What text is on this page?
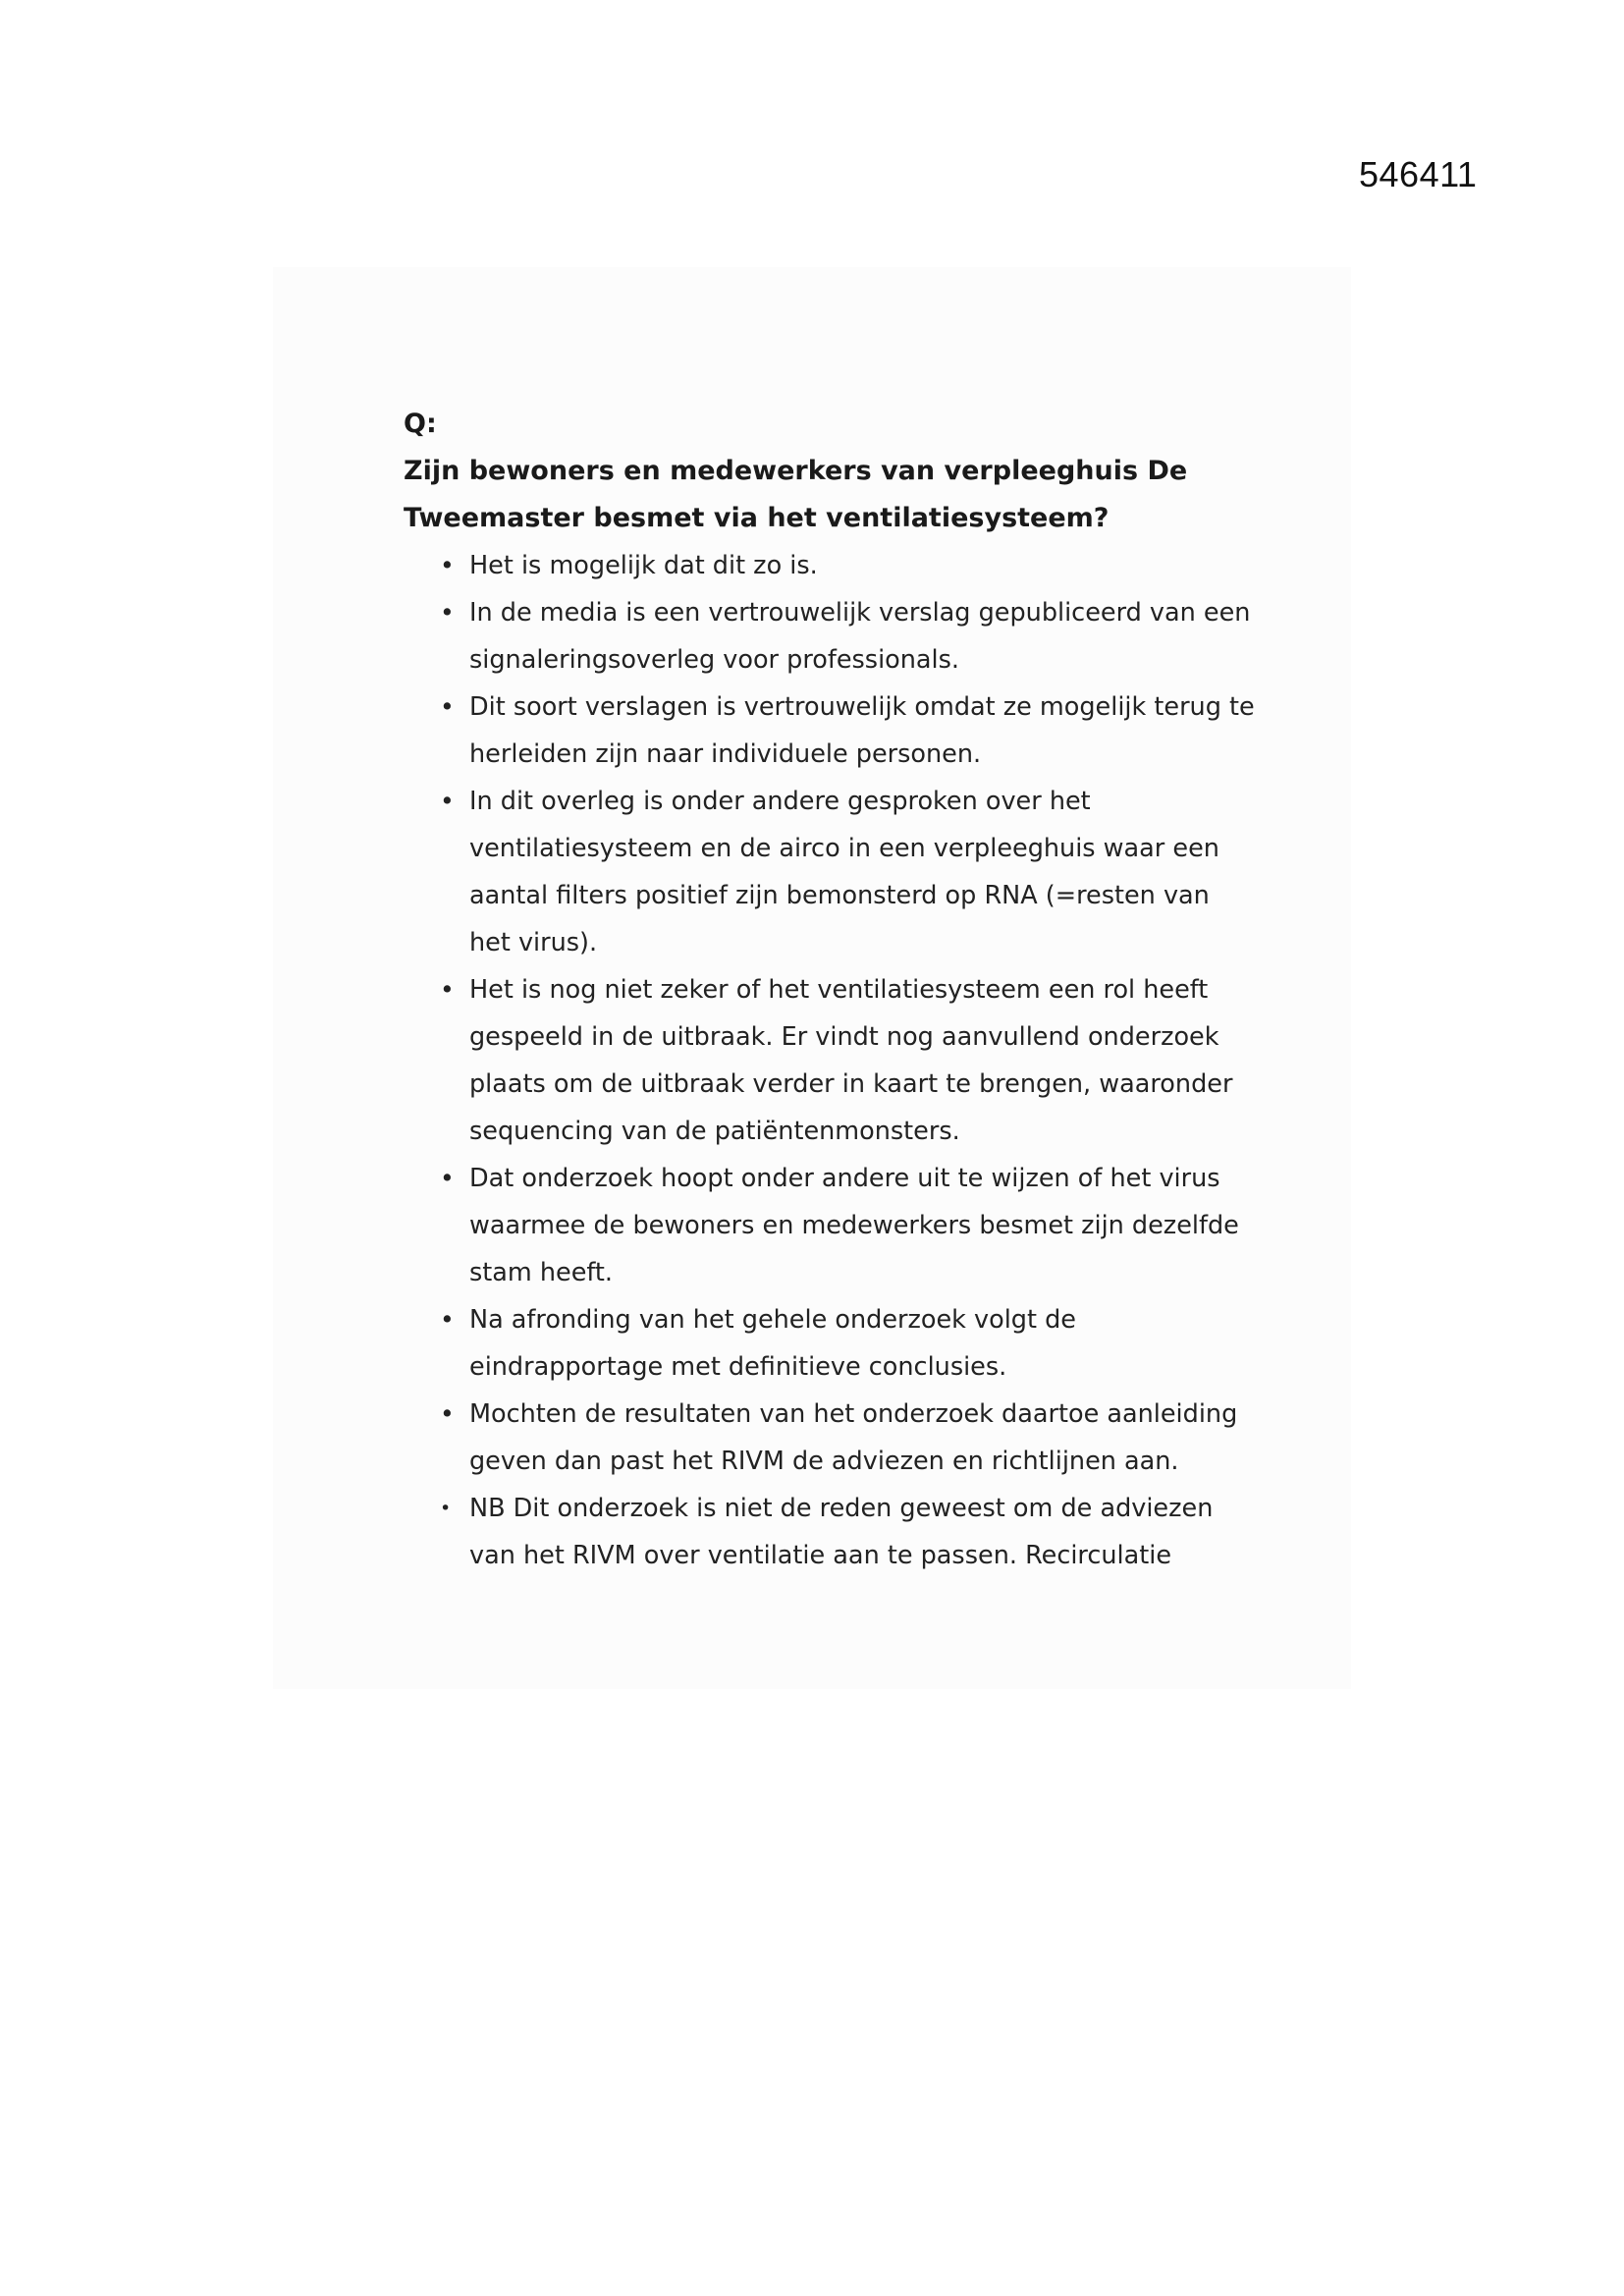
546411

Q:

Zijn bewoners en medewerkers van verpleeghuis De Tweemaster besmet via het ventilatiesysteem?

• Het is mogelijk dat dit zo is.
• In de media is een vertrouwelijk verslag gepubliceerd van een signaleringsoverleg voor professionals.
• Dit soort verslagen is vertrouwelijk omdat ze mogelijk terug te herleiden zijn naar individuele personen.
• In dit overleg is onder andere gesproken over het ventilatiesysteem en de airco in een verpleeghuis waar een aantal filters positief zijn bemonsterd op RNA (=resten van het virus).
• Het is nog niet zeker of het ventilatiesysteem een rol heeft gespeeld in de uitbraak. Er vindt nog aanvullend onderzoek plaats om de uitbraak verder in kaart te brengen, waaronder sequencing van de patiëntenmonsters.
• Dat onderzoek hoopt onder andere uit te wijzen of het virus waarmee de bewoners en medewerkers besmet zijn dezelfde stam heeft.
• Na afronding van het gehele onderzoek volgt de eindrapportage met definitieve conclusies.
• Mochten de resultaten van het onderzoek daartoe aanleiding geven dan past het RIVM de adviezen en richtlijnen aan.
• NB Dit onderzoek is niet de reden geweest om de adviezen van het RIVM over ventilatie aan te passen. Recirculatie
